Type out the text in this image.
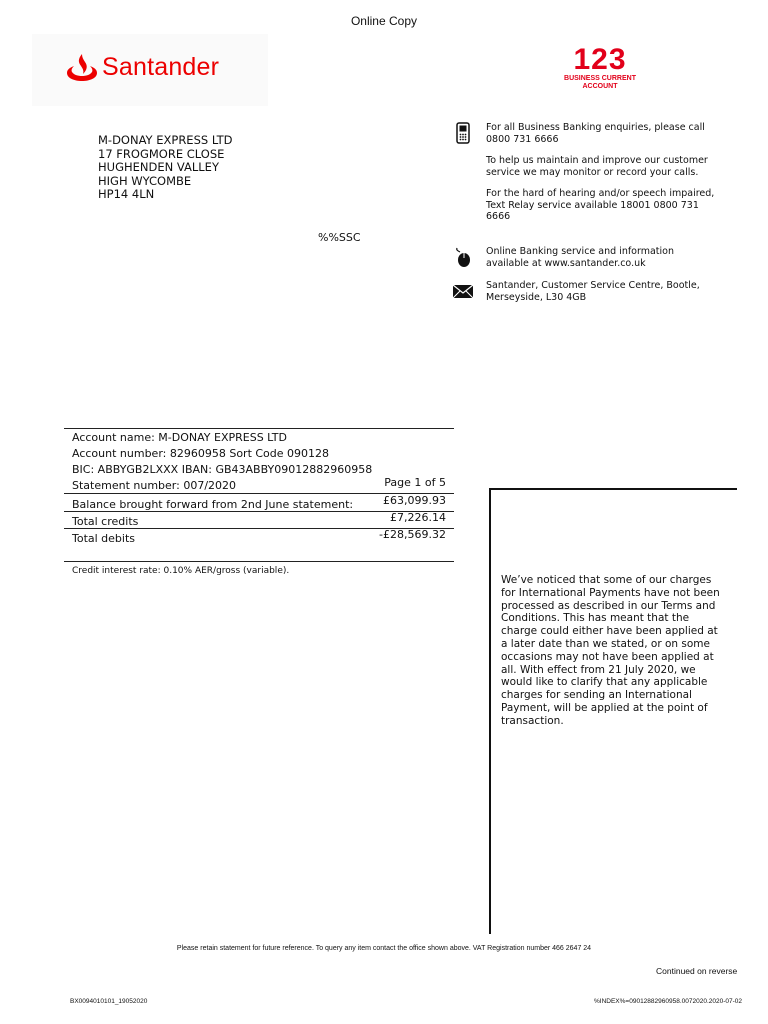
Online Copy
Santander	123
BUSINESS CURRENT
ACCOUNT
M-DONAY EXPRESS LTD
17 FROGMORE CLOSE
HUGHENDEN VALLEY
HIGH WYCOMBE
HP14 4LN
%%SSC

For all Business Banking enquiries, please call 0800 731 6666

To help us maintain and improve our customer service we may monitor or record your calls.

For the hard of hearing and/or speech impaired, Text Relay service available 18001 0800 731 6666

Online Banking service and information available at www.santander.co.uk

Santander, Customer Service Centre, Bootle, Merseyside, L30 4GB

Account name: M-DONAY EXPRESS LTD
Account number: 82960958 Sort Code 090128
BIC: ABBYGB2LXXX IBAN: GB43ABBY09012882960958
Statement number: 007/2020	Page 1 of 5
Balance brought forward from 2nd June statement:	£63,099.93
Total credits	£7,226.14
Total debits	-£28,569.32
Credit interest rate: 0.10% AER/gross (variable).
We’ve noticed that some of our charges for International Payments have not been processed as described in our Terms and Conditions. This has meant that the charge could either have been applied at a later date than we stated, or on some occasions may not have been applied at all. With effect from 21 July 2020, we would like to clarify that any applicable charges for sending an International Payment, will be applied at the point of transaction.
Please retain statement for future reference. To query any item contact the office shown above. VAT Registration number 466 2647 24
Continued on reverse
BX0094010101_19052020	%INDEX%=09012882960958.0072020.2020-07-02
